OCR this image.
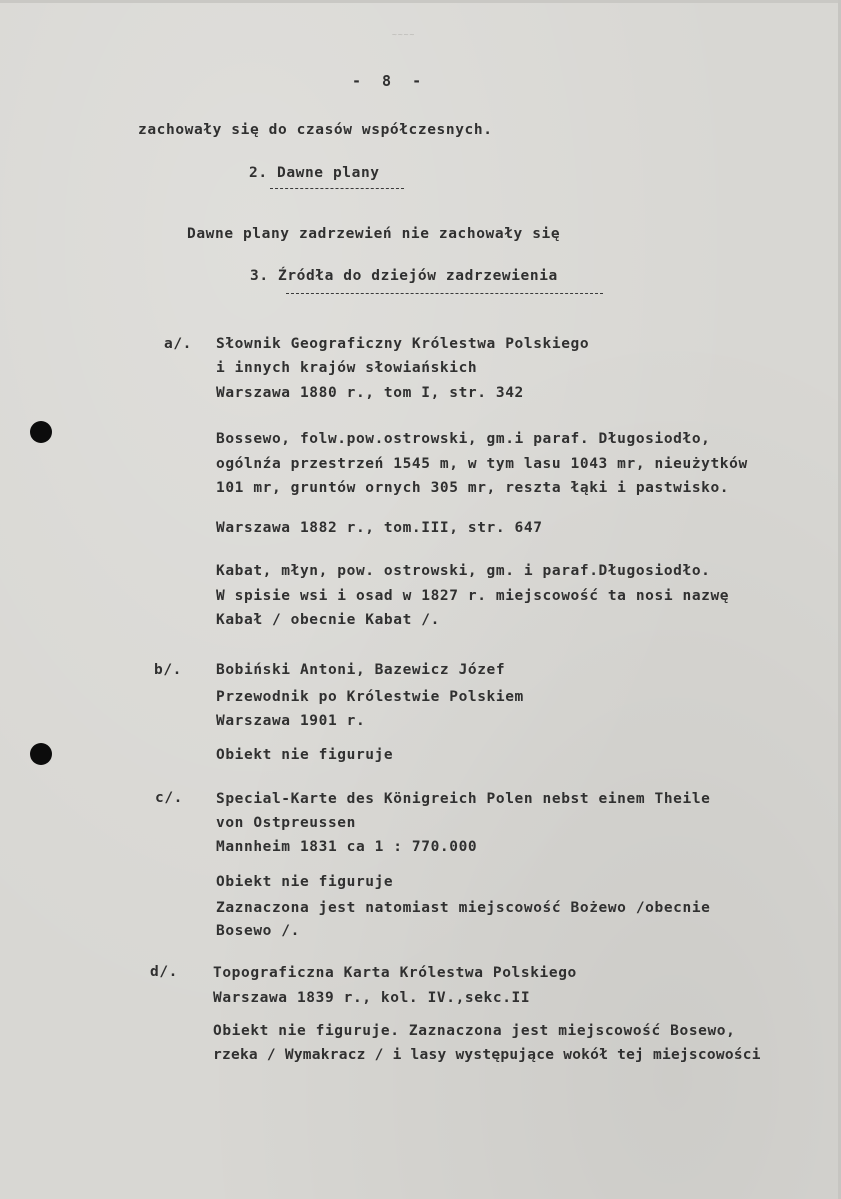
~~~~
- 8 -
zachowały się do czasów współczesnych.
2. Dawne plany
Dawne plany zadrzewień nie zachowały się
3. Źródła do dziejów zadrzewienia
a/. Słownik Geograficzny Królestwa Polskiego
i innych krajów słowiańskich
Warszawa 1880 r., tom I, str. 342
Bossewo, folw.pow.ostrowski, gm.i paraf. Długosiodło,
ogólnźa przestrzeń 1545 m, w tym lasu 1043 mr, nieużytków
101 mr, gruntów ornych 305 mr, reszta łąki i pastwisko.
Warszawa 1882 r., tom.III, str. 647
Kabat, młyn, pow. ostrowski, gm. i paraf.Długosiodło.
W spisie wsi i osad w 1827 r. miejscowość ta nosi nazwę
Kabał / obecnie Kabat /.
b/. Bobiński Antoni, Bazewicz Józef
Przewodnik po Królestwie Polskiem
Warszawa 1901 r.
Obiekt nie figuruje
c/. Special-Karte des Königreich Polen nebst einem Theile
von Ostpreussen
Mannheim 1831 ca 1 : 770.000
Obiekt nie figuruje
Zaznaczona jest natomiast miejscowość Bożewo /obecnie
Bosewo /.
d/. Topograficzna Karta Królestwa Polskiego
Warszawa 1839 r., kol. IV.,sekc.II
Obiekt nie figuruje. Zaznaczona jest miejscowość Bosewo,
rzeka / Wymakracz / i lasy występujące wokół tej miejscowości
